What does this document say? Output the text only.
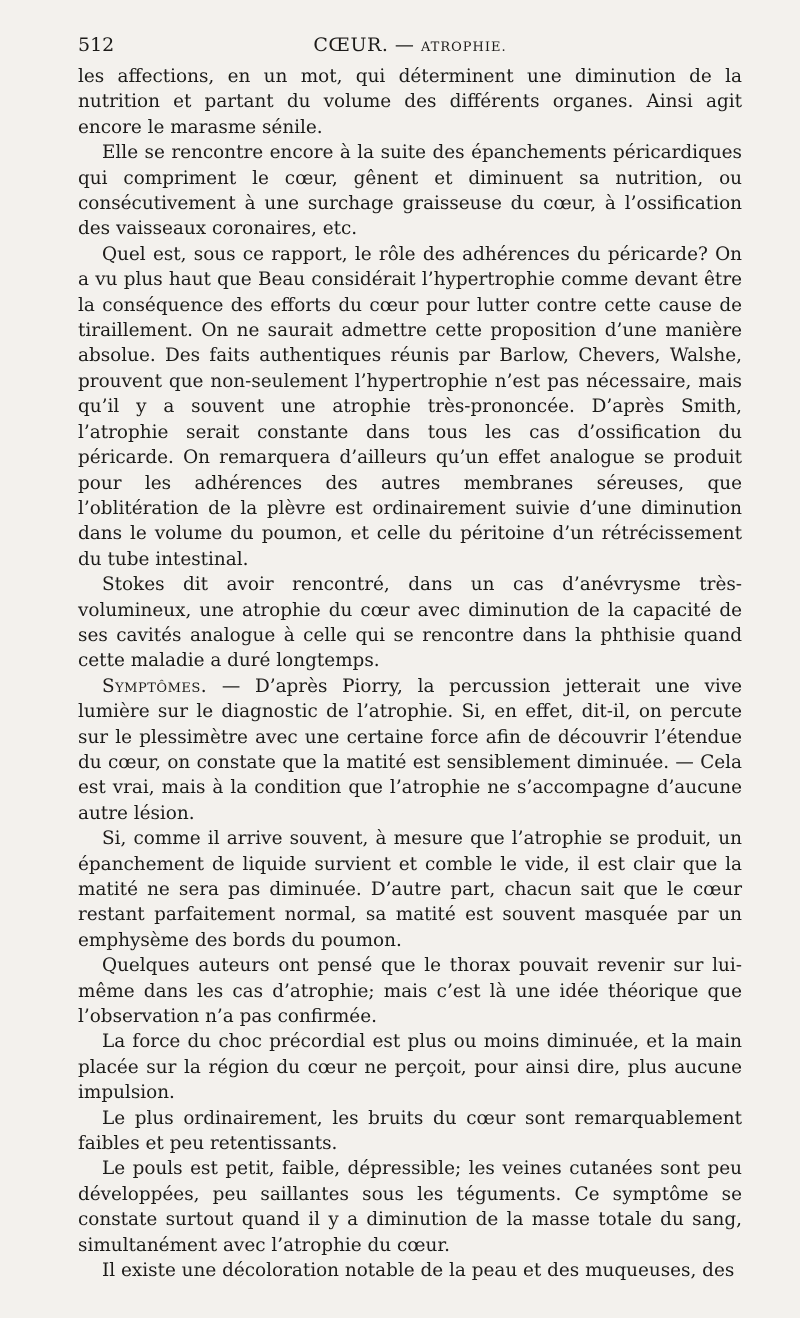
512	CŒUR. — ATROPHIE.

les affections, en un mot, qui déterminent une diminution de la nutrition et partant du volume des différents organes. Ainsi agit encore le marasme sénile.

Elle se rencontre encore à la suite des épanchements péricardiques qui compriment le cœur, gênent et diminuent sa nutrition, ou consécutivement à une surchage graisseuse du cœur, à l’ossification des vaisseaux coronaires, etc.

Quel est, sous ce rapport, le rôle des adhérences du péricarde? On a vu plus haut que Beau considérait l’hypertrophie comme devant être la conséquence des efforts du cœur pour lutter contre cette cause de tiraillement. On ne saurait admettre cette proposition d’une manière absolue. Des faits authentiques réunis par Barlow, Chevers, Walshe, prouvent que non-seulement l’hypertrophie n’est pas nécessaire, mais qu’il y a souvent une atrophie très-prononcée. D’après Smith, l’atrophie serait constante dans tous les cas d’ossification du péricarde. On remarquera d’ailleurs qu’un effet analogue se produit pour les adhérences des autres membranes séreuses, que l’oblitération de la plèvre est ordinairement suivie d’une diminution dans le volume du poumon, et celle du péritoine d’un rétrécissement du tube intestinal.

Stokes dit avoir rencontré, dans un cas d’anévrysme très-volumineux, une atrophie du cœur avec diminution de la capacité de ses cavités analogue à celle qui se rencontre dans la phthisie quand cette maladie a duré longtemps.

Symptômes. — D’après Piorry, la percussion jetterait une vive lumière sur le diagnostic de l’atrophie. Si, en effet, dit-il, on percute sur le plessimètre avec une certaine force afin de découvrir l’étendue du cœur, on constate que la matité est sensiblement diminuée. — Cela est vrai, mais à la condition que l’atrophie ne s’accompagne d’aucune autre lésion.

Si, comme il arrive souvent, à mesure que l’atrophie se produit, un épanchement de liquide survient et comble le vide, il est clair que la matité ne sera pas diminuée. D’autre part, chacun sait que le cœur restant parfaitement normal, sa matité est souvent masquée par un emphysème des bords du poumon.

Quelques auteurs ont pensé que le thorax pouvait revenir sur lui-même dans les cas d’atrophie; mais c’est là une idée théorique que l’observation n’a pas confirmée.

La force du choc précordial est plus ou moins diminuée, et la main placée sur la région du cœur ne perçoit, pour ainsi dire, plus aucune impulsion.

Le plus ordinairement, les bruits du cœur sont remarquablement faibles et peu retentissants.

Le pouls est petit, faible, dépressible; les veines cutanées sont peu développées, peu saillantes sous les téguments. Ce symptôme se constate surtout quand il y a diminution de la masse totale du sang, simultanément avec l’atrophie du cœur.

Il existe une décoloration notable de la peau et des muqueuses, des
